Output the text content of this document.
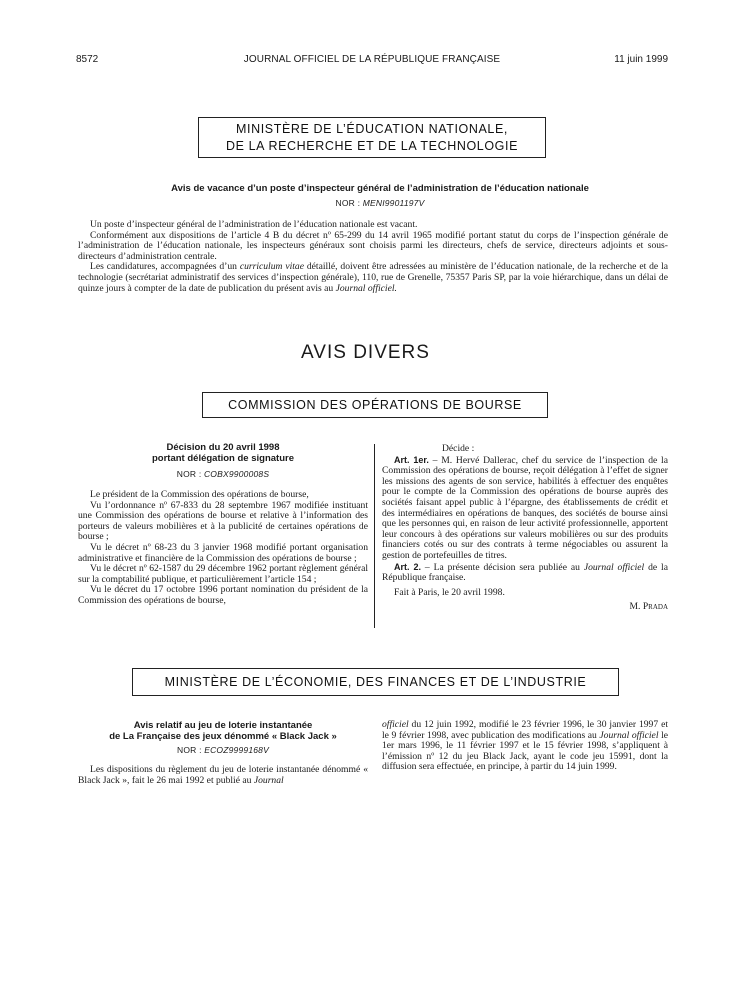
8572	JOURNAL OFFICIEL DE LA RÉPUBLIQUE FRANÇAISE	11 juin 1999
MINISTÈRE DE L’ÉDUCATION NATIONALE,
DE LA RECHERCHE ET DE LA TECHNOLOGIE
Avis de vacance d’un poste d’inspecteur général de l’administration de l’éducation nationale
NOR : MENI9901197V

Un poste d’inspecteur général de l’administration de l’éducation nationale est vacant.

Conformément aux dispositions de l’article 4 B du décret nº 65-299 du 14 avril 1965 modifié portant statut du corps de l’inspection générale de l’administration de l’éducation nationale, les inspecteurs généraux sont choisis parmi les directeurs, chefs de service, directeurs adjoints et sous-directeurs d’administration centrale.

Les candidatures, accompagnées d’un curriculum vitae détaillé, doivent être adressées au ministère de l’éducation nationale, de la recherche et de la technologie (secrétariat administratif des services d’inspection générale), 110, rue de Grenelle, 75357 Paris SP, par la voie hiérarchique, dans un délai de quinze jours à compter de la date de publication du présent avis au Journal officiel.

AVIS DIVERS
COMMISSION DES OPÉRATIONS DE BOURSE
Décision du 20 avril 1998
portant délégation de signature
NOR : COBX9900008S

Le président de la Commission des opérations de bourse,

Vu l’ordonnance nº 67-833 du 28 septembre 1967 modifiée instituant une Commission des opérations de bourse et relative à l’information des porteurs de valeurs mobilières et à la publicité de certaines opérations de bourse ;

Vu le décret nº 68-23 du 3 janvier 1968 modifié portant organisation administrative et financière de la Commission des opérations de bourse ;

Vu le décret nº 62-1587 du 29 décembre 1962 portant règlement général sur la comptabilité publique, et particulièrement l’article 154 ;

Vu le décret du 17 octobre 1996 portant nomination du président de la Commission des opérations de bourse,

Décide :

Art. 1er. – M. Hervé Dallerac, chef du service de l’inspection de la Commission des opérations de bourse, reçoit délégation à l’effet de signer les missions des agents de son service, habilités à effectuer des enquêtes pour le compte de la Commission des opérations de bourse auprès des sociétés faisant appel public à l’épargne, des établissements de crédit et des intermédiaires en opérations de banques, des sociétés de bourse ainsi que les personnes qui, en raison de leur activité professionnelle, apportent leur concours à des opérations sur valeurs mobilières ou sur des produits financiers cotés ou sur des contrats à terme négociables ou assurent la gestion de portefeuilles de titres.

Art. 2. – La présente décision sera publiée au Journal officiel de la République française.

Fait à Paris, le 20 avril 1998.

M. Prada

MINISTÈRE DE L’ÉCONOMIE, DES FINANCES ET DE L’INDUSTRIE
Avis relatif au jeu de loterie instantanée
de La Française des jeux dénommé « Black Jack »
NOR : ECOZ9999168V

Les dispositions du règlement du jeu de loterie instantanée dénommé « Black Jack », fait le 26 mai 1992 et publié au Journal

officiel du 12 juin 1992, modifié le 23 février 1996, le 30 janvier 1997 et le 9 février 1998, avec publication des modifications au Journal officiel le 1er mars 1996, le 11 février 1997 et le 15 février 1998, s’appliquent à l’émission nº 12 du jeu Black Jack, ayant le code jeu 15991, dont la diffusion sera effectuée, en principe, à partir du 14 juin 1999.
